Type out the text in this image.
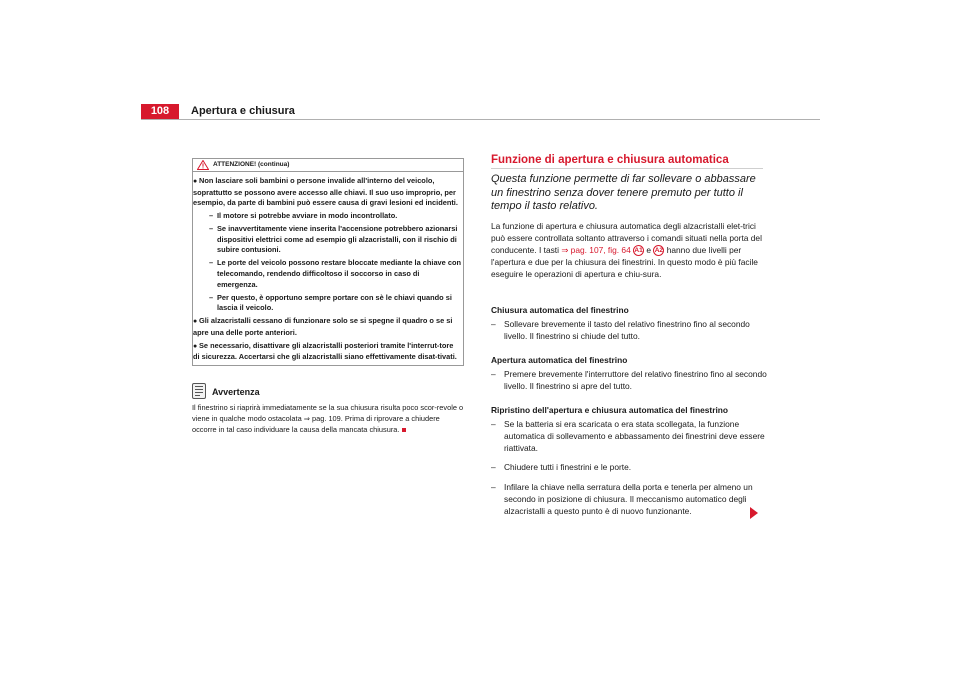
108	Apertura e chiusura
ATTENZIONE! (continua)
● Non lasciare soli bambini o persone invalide all'interno del veicolo, soprattutto se possono avere accesso alle chiavi. Il suo uso improprio, per esempio, da parte di bambini può essere causa di gravi lesioni ed incidenti.
– Il motore si potrebbe avviare in modo incontrollato.
– Se inavvertitamente viene inserita l'accensione potrebbero azionarsi dispositivi elettrici come ad esempio gli alzacristalli, con il rischio di subire contusioni.
– Le porte del veicolo possono restare bloccate mediante la chiave con telecomando, rendendo difficoltoso il soccorso in caso di emergenza.
– Per questo, è opportuno sempre portare con sè le chiavi quando si lascia il veicolo.
● Gli alzacristalli cessano di funzionare solo se si spegne il quadro o se si apre una delle porte anteriori.
● Se necessario, disattivare gli alzacristalli posteriori tramite l'interrut-tore di sicurezza. Accertarsi che gli alzacristalli siano effettivamente disat-tivati.
Avvertenza
Il finestrino si riaprirà immediatamente se la sua chiusura risulta poco scor-revole o viene in qualche modo ostacolata ⇒ pag. 109. Prima di riprovare a chiudere occorre in tal caso individuare la causa della mancata chiusura.
Funzione di apertura e chiusura automatica
Questa funzione permette di far sollevare o abbassare un finestrino senza dover tenere premuto per tutto il tempo il tasto relativo.
La funzione di apertura e chiusura automatica degli alzacristalli elet-trici può essere controllata soltanto attraverso i comandi situati nella porta del conducente. I tasti ⇒ pag. 107, fig. 64 A1 e A2 hanno due livelli per l'apertura e due per la chiusura dei finestrini. In questo modo è più facile eseguire le operazioni di apertura e chiu-sura.
Chiusura automatica del finestrino
– Sollevare brevemente il tasto del relativo finestrino fino al secondo livello. Il finestrino si chiude del tutto.
Apertura automatica del finestrino
– Premere brevemente l'interruttore del relativo finestrino fino al secondo livello. Il finestrino si apre del tutto.
Ripristino dell'apertura e chiusura automatica del finestrino
– Se la batteria si era scaricata o era stata scollegata, la funzione automatica di sollevamento e abbassamento dei finestrini deve essere riattivata.
– Chiudere tutti i finestrini e le porte.
– Infilare la chiave nella serratura della porta e tenerla per almeno un secondo in posizione di chiusura. Il meccanismo automatico degli alzacristalli a questo punto è di nuovo funzionante.
